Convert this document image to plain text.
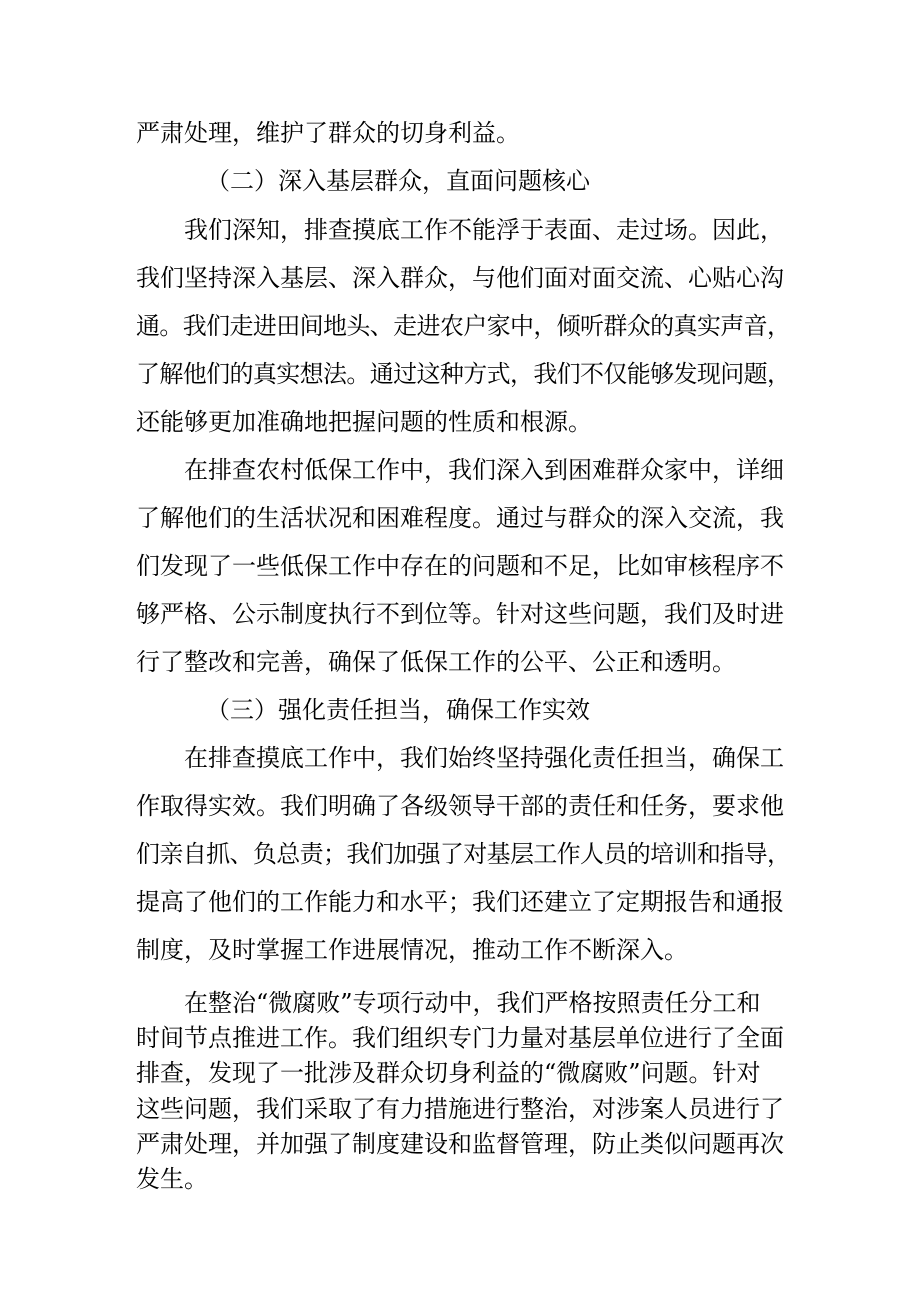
严肃处理，维护了群众的切身利益。

（二）深入基层群众，直面问题核心

我们深知，排查摸底工作不能浮于表面、走过场。因此，

我们坚持深入基层、深入群众，与他们面对面交流、心贴心沟

通。我们走进田间地头、走进农户家中，倾听群众的真实声音，

了解他们的真实想法。通过这种方式，我们不仅能够发现问题，

还能够更加准确地把握问题的性质和根源。

在排查农村低保工作中，我们深入到困难群众家中，详细

了解他们的生活状况和困难程度。通过与群众的深入交流，我

们发现了一些低保工作中存在的问题和不足，比如审核程序不

够严格、公示制度执行不到位等。针对这些问题，我们及时进

行了整改和完善，确保了低保工作的公平、公正和透明。

（三）强化责任担当，确保工作实效

在排查摸底工作中，我们始终坚持强化责任担当，确保工

作取得实效。我们明确了各级领导干部的责任和任务，要求他

们亲自抓、负总责；我们加强了对基层工作人员的培训和指导，

提高了他们的工作能力和水平；我们还建立了定期报告和通报

制度，及时掌握工作进展情况，推动工作不断深入。

在整治“微腐败”专项行动中，我们严格按照责任分工和

时间节点推进工作。我们组织专门力量对基层单位进行了全面

排查，发现了一批涉及群众切身利益的“微腐败”问题。针对

这些问题，我们采取了有力措施进行整治，对涉案人员进行了

严肃处理，并加强了制度建设和监督管理，防止类似问题再次

发生。
